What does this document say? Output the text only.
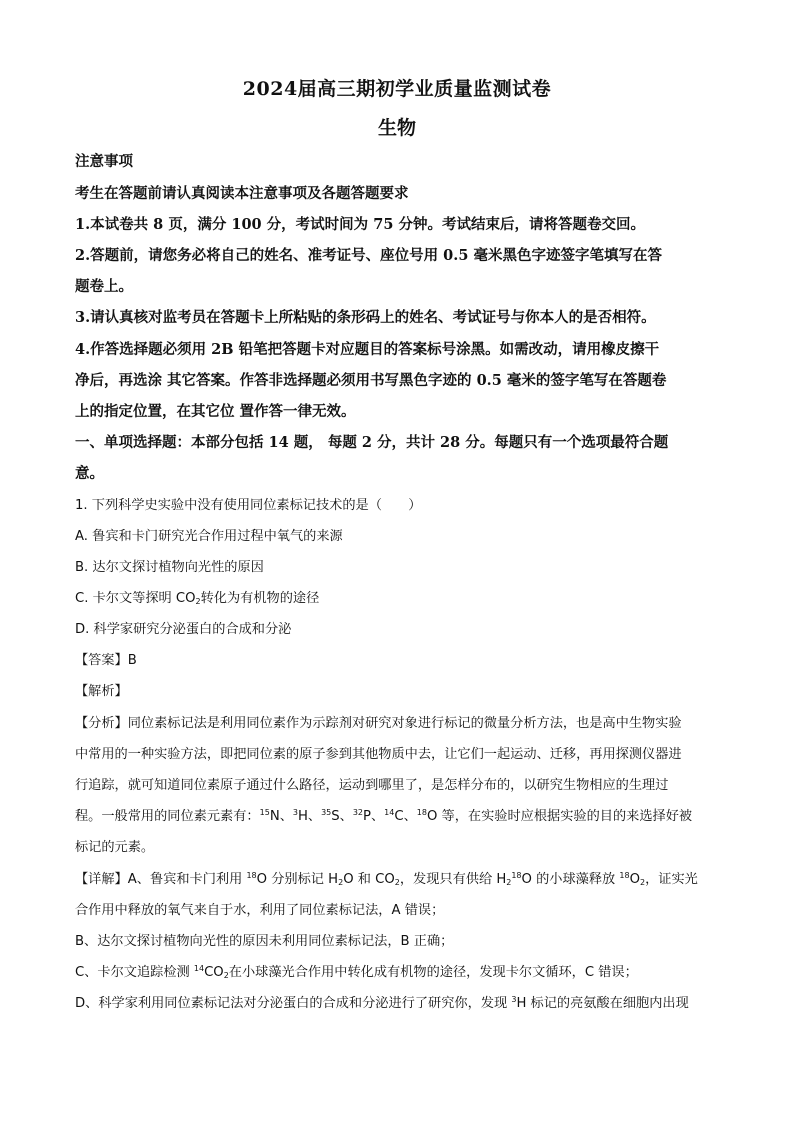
2024届高三期初学业质量监测试卷
生物
注意事项
考生在答题前请认真阅读本注意事项及各题答题要求
1.本试卷共 8 页，满分 100 分，考试时间为 75 分钟。考试结束后，请将答题卷交回。
2.答题前，请您务必将自己的姓名、准考证号、座位号用 0.5 毫米黑色字迹签字笔填写在答
题卷上。
3.请认真核对监考员在答题卡上所粘贴的条形码上的姓名、考试证号与你本人的是否相符。
4.作答选择题必须用 2B 铅笔把答题卡对应题目的答案标号涂黑。如需改动，请用橡皮擦干
净后，再选涂 其它答案。作答非选择题必须用书写黑色字迹的 0.5 毫米的签字笔写在答题卷
上的指定位置，在其它位 置作答一律无效。
一、单项选择题：本部分包括 14 题， 每题 2 分，共计 28 分。每题只有一个选项最符合题
意。
1. 下列科学史实验中没有使用同位素标记技术的是（　　）
A. 鲁宾和卡门研究光合作用过程中氧气的来源
B. 达尔文探讨植物向光性的原因
C. 卡尔文等探明 $CO_2$转化为有机物的途径
D. 科学家研究分泌蛋白的合成和分泌
【答案】B
【解析】
【分析】同位素标记法是利用同位素作为示踪剂对研究对象进行标记的微量分析方法，也是高中生物实验
中常用的一种实验方法，即把同位素的原子参到其他物质中去，让它们一起运动、迁移，再用探测仪器进
行追踪，就可知道同位素原子通过什么路径，运动到哪里了，是怎样分布的，以研究生物相应的生理过
程。一般常用的同位素元素有：$^{15}$N、$^3$H、$^{35}$S、$^{32}$P、$^{14}$C、$^{18}$O 等，在实验时应根据实验的目的来选择好被
标记的元素。
【详解】A、鲁宾和卡门利用 $^{18}$O 分别标记 $H_2O$ 和 $CO_2$，发现只有供给 $H_2^{18}O$ 的小球藻释放 $^{18}O_2$，证实光
合作用中释放的氧气来自于水，利用了同位素标记法，A 错误；
B、达尔文探讨植物向光性的原因未利用同位素标记法，B 正确；
C、卡尔文追踪检测 $^{14}CO_2$在小球藻光合作用中转化成有机物的途径，发现卡尔文循环，C 错误；
D、科学家利用同位素标记法对分泌蛋白的合成和分泌进行了研究你，发现 $^3$H 标记的亮氨酸在细胞内出现
